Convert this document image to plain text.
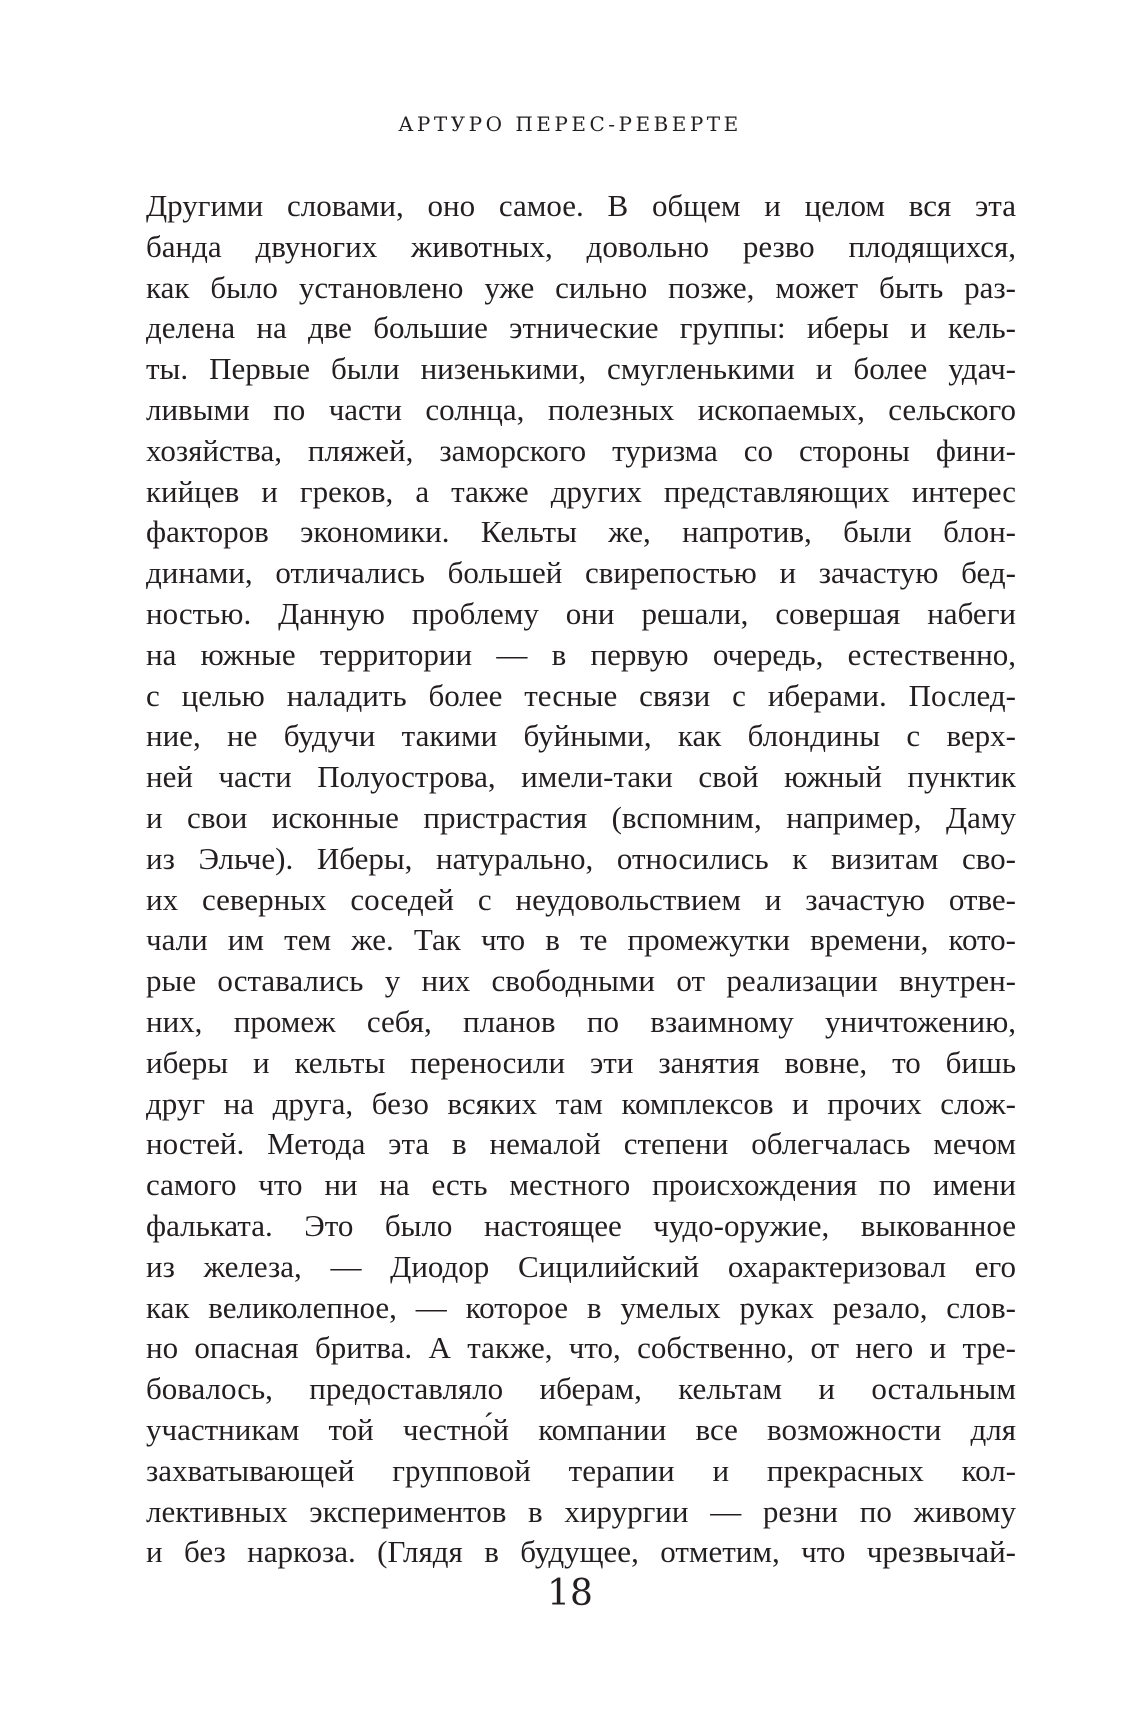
АРТУРО ПЕРЕС-РЕВЕРТЕ
Другими словами, оно самое. В общем и целом вся эта
банда двуногих животных, довольно резво плодящихся,
как было установлено уже сильно позже, может быть раз-
делена на две большие этнические группы: иберы и кель-
ты. Первые были низенькими, смугленькими и более удач-
ливыми по части солнца, полезных ископаемых, сельского
хозяйства, пляжей, заморского туризма со стороны фини-
кийцев и греков, а также других представляющих интерес
факторов экономики. Кельты же, напротив, были блон-
динами, отличались большей свирепостью и зачастую бед-
ностью. Данную проблему они решали, совершая набеги
на южные территории — в первую очередь, естественно,
с целью наладить более тесные связи с иберами. Послед-
ние, не будучи такими буйными, как блондины с верх-
ней части Полуострова, имели-таки свой южный пунктик
и свои исконные пристрастия (вспомним, например, Даму
из Эльче). Иберы, натурально, относились к визитам сво-
их северных соседей с неудовольствием и зачастую отве-
чали им тем же. Так что в те промежутки времени, кото-
рые оставались у них свободными от реализации внутрен-
них, промеж себя, планов по взаимному уничтожению,
иберы и кельты переносили эти занятия вовне, то бишь
друг на друга, безо всяких там комплексов и прочих слож-
ностей. Метода эта в немалой степени облегчалась мечом
самого что ни на есть местного происхождения по имени
фальката. Это было настоящее чудо-оружие, выкованное
из железа, — Диодор Сицилийский охарактеризовал его
как великолепное, — которое в умелых руках резало, слов-
но опасная бритва. А также, что, собственно, от него и тре-
бовалось, предоставляло иберам, кельтам и остальным
участникам той честно́й компании все возможности для
захватывающей групповой терапии и прекрасных кол-
лективных экспериментов в хирургии — резни по живому
и без наркоза. (Глядя в будущее, отметим, что чрезвычай-
18
